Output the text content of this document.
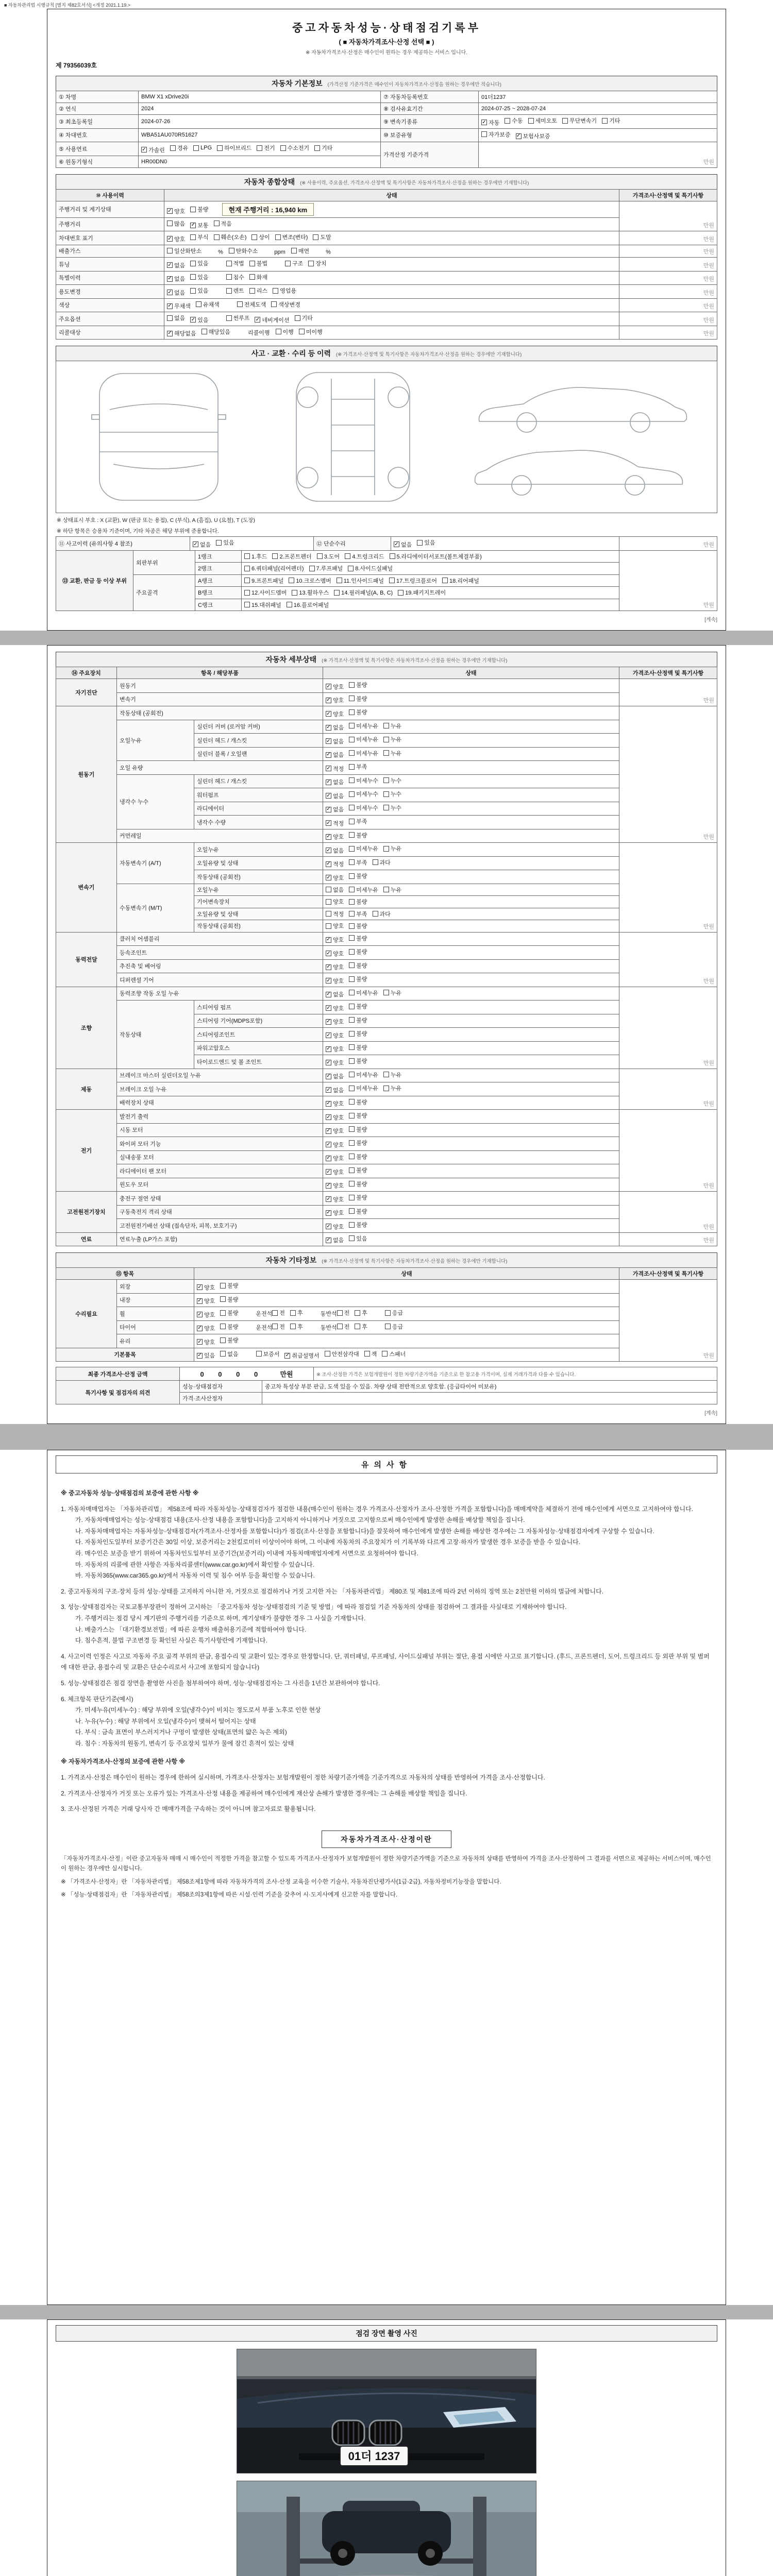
■ 자동차관리법 시행규칙 [별지 제82호서식] <개정 2021.1.19.>
중고자동차성능·상태점검기록부
( ■ 자동차가격조사·산정 선택 ■ )
※ 자동차가격조사·산정은 매수인이 원하는 경우 제공하는 서비스 입니다.
제 79356039호
자동차 기본정보 (가격산정 기준가격은 매수인이 자동차가격조사·산정을 원하는 경우에만 적습니다)
① 차명	BMW X1 xDrive20i	⑦ 자동차등록번호	01더1237
② 연식	2024	⑧ 검사유효기간	2024-07-25 ~ 2028-07-24
③ 최초등록일	2024-07-26	⑨ 변속기종류	✓ 자동 수동 세미오토 무단변속기 기타

④ 차대번호	WBA51AU070R51627	⑩ 보증유형	자가보증 ✓ 보험사보증

⑤ 사용연료	✓ 가솔린 경유 LPG 하이브리드 전기 수소전기 기타
	가격산정 기준가격	만원
⑥ 원동기형식	HR00DN0		
자동차 종합상태 (※ 사용이력, 주요옵션, 가격조사·산정액 및 특기사항은 자동차가격조사·산정을 원하는 경우에만 기재합니다)
⑩ 사용이력	상태	가격조사·산정액 및 특기사항
주행거리 및 계기상태	✓ 양호 불량 현재 주행거리 : 16,940 km	만원
주행거리	많음 ✓ 보통 적음	

차대번호 표기	✓ 양호 부식 훼손(오손) 상이 변조(변타) 도말	만원
배출가스	일산화탄소 　　%　 탄화수소 　　ppm　 매연 　　%	만원
튜닝	✓ 없음 있음	적법 불법	구조 장치	만원
특별이력	✓ 없음 있음 침수 화재	만원
용도변경	✓ 없음 있음	렌트 리스 영업용	만원
색상	✓ 무채색 유채색 전체도색 색상변경	만원
주요옵션	없음 ✓ 있음	썬루프 ✓ 네비게이션 기타	만원
리콜대상	✓ 해당없음 해당있음	리콜이행　 이행 미이행	만원
사고 · 교환 · 수리 등 이력 (※ 가격조사·산정액 및 특기사항은 자동차가격조사·산정을 원하는 경우에만 기재합니다)
※ 상태표시 부호 : X (교환), W (판금 또는 용접), C (부식), A (흠집), U (요철), T (도장)
※ 하단 항목은 승용차 기준이며, 기타 차종은 해당 부위에 준용합니다.
⑪ 사고이력 (유의사항 4 참조)	✓ 없음 있음	⑫ 단순수리	✓ 없음 있음	만원
⑬ 교환, 판금 등 이상 부위	외판부위	1랭크	1.후드 2.프론트펜더 3.도어 4.트렁크리드 5.라디에이터서포트(볼트체결부품)	만원
		2랭크	6.쿼터패널(리어펜더) 7.루프패널 8.사이드실패널	

	주요골격	A랭크	9.프론트패널 10.크로스멤버 11.인사이드패널 17.트렁크플로어 18.리어패널	

		B랭크	12.사이드멤버 13.휠하우스 14.필러패널(A, B, C) 19.패키지트레이	

		C랭크	15.대쉬패널 16.플로어패널	
[계속]
자동차 세부상태 (※ 가격조사·산정액 및 특기사항은 자동차가격조사·산정을 원하는 경우에만 기재합니다)
⑭ 주요장치	항목 / 해당부품		상태	가격조사·산정액 및 특기사항
자기진단	원동기		✓ 양호 불량	만원
	변속기		✓ 양호 불량	

원동기	작동상태 (공회전)		✓ 양호 불량	만원
	오일누유	실린더 커버 (로커암 커버)	✓ 없음 미세누유 누유	

		실린더 헤드 / 개스킷	✓ 없음 미세누유 누유	

		실린더 블록 / 오일팬	✓ 없음 미세누유 누유	

	오일 유량		✓ 적정 부족	

	냉각수 누수	실린더 헤드 / 개스킷	✓ 없음 미세누수 누수	

		워터펌프	✓ 없음 미세누수 누수	

		라디에이터	✓ 없음 미세누수 누수	

		냉각수 수량	✓ 적정 부족	

	커먼레일		✓ 양호 불량	

변속기	자동변속기 (A/T)	오일누유	✓ 없음 미세누유 누유	만원
		오일유량 및 상태	✓ 적정 부족 과다	

		작동상태 (공회전)	✓ 양호 불량	

	수동변속기 (M/T)	오일누유	없음 미세누유 누유	

		기어변속장치	양호 불량	

		오일유량 및 상태	적정 부족 과다	

		작동상태 (공회전)	양호 불량	

동력전달	클러치 어셈블리		✓ 양호 불량	만원
	등속조인트		✓ 양호 불량	

	추진축 및 베어링		✓ 양호 불량	

	디퍼렌셜 기어		✓ 양호 불량	

조향	동력조향 작동 오일 누유		✓ 없음 미세누유 누유	만원
	작동상태	스티어링 펌프	✓ 양호 불량	

		스티어링 기어(MDPS포함)	✓ 양호 불량	

		스티어링조인트	✓ 양호 불량	

		파워고압호스	✓ 양호 불량	

		타이로드엔드 및 볼 조인트	✓ 양호 불량	

제동	브레이크 마스터 실린더오일 누유		✓ 없음 미세누유 누유	만원
	브레이크 오일 누유		✓ 없음 미세누유 누유	

	배력장치 상태		✓ 양호 불량	

전기	발전기 출력		✓ 양호 불량	만원
	시동 모터		✓ 양호 불량	

	와이퍼 모터 기능		✓ 양호 불량	

	실내송풍 모터		✓ 양호 불량	

	라디에이터 팬 모터		✓ 양호 불량	

	윈도우 모터		✓ 양호 불량	

고전원전기장치	충전구 절연 상태		✓ 양호 불량	만원
	구동축전지 격리 상태		✓ 양호 불량	

	고전원전기배선 상태 (접속단자, 피복, 보호기구)		✓ 양호 불량	

연료	연료누출 (LP가스 포함)		✓ 없음 있음	만원
자동차 기타정보 (※ 가격조사·산정액 및 특기사항은 자동차가격조사·산정을 원하는 경우에만 기재합니다)
⑮ 항목		상태	가격조사·산정액 및 특기사항
수리필요	외장	✓ 양호 불량	만원
	내장	✓ 양호 불량	

휠	✓ 양호 불량	운전석 전 후	동반석 전 후	응급

타이어	✓ 양호 불량	운전석 전 후	동반석 전 후	응급

	유리	✓ 양호 불량	

기본품목	✓ 있음 없음	보증서 ✓ 취급설명서 안전삼각대 잭 스패너
최종 가격조사·산정 금액	0 0 0 0 만원	※ 조사·산정한 가격은 보험개발원이 정한 차량기준가액을 기준으로 한 참고용 가격이며, 실제 거래가격과 다를 수 있습니다.
특기사항 및 점검자의 의견	성능·상태점검자	중고차 특성상 부분 판금, 도색 있을 수 있음. 차량 상태 전반적으로 양호함. (응급타이어 미보유)
	가격·조사산정자	
[계속]
유의사항
※ 중고자동차 성능·상태점검의 보증에 관한 사항 ※
1. 자동차매매업자는 「자동차관리법」 제58조에 따라 자동차성능·상태점검자가 점검한 내용(매수인이 원하는 경우 가격조사·산정자가 조사·산정한 가격을 포함합니다)을 매매계약을 체결하기 전에 매수인에게 서면으로 고지하여야 합니다.
가. 자동차매매업자는 성능·상태점검 내용(조사·산정 내용을 포함합니다)을 고지하지 아니하거나 거짓으로 고지함으로써 매수인에게 발생한 손해를 배상할 책임을 집니다.
나. 자동차매매업자는 자동차성능·상태점검자(가격조사·산정자를 포함합니다)가 점검(조사·산정을 포함합니다)을 잘못하여 매수인에게 발생한 손해를 배상한 경우에는 그 자동차성능·상태점검자에게 구상할 수 있습니다.
다. 자동차인도일부터 보증기간은 30일 이상, 보증거리는 2천킬로미터 이상이어야 하며, 그 이내에 자동차의 주요장치가 이 기록부와 다르게 고장·하자가 발생한 경우 보증을 받을 수 있습니다.
라. 매수인은 보증을 받기 위하여 자동차인도일부터 보증기간(보증거리) 이내에 자동차매매업자에게 서면으로 요청하여야 합니다.
마. 자동차의 리콜에 관한 사항은 자동차리콜센터(www.car.go.kr)에서 확인할 수 있습니다.
바. 자동차365(www.car365.go.kr)에서 자동차 이력 및 침수 여부 등을 확인할 수 있습니다.
2. 중고자동차의 구조·장치 등의 성능·상태를 고지하지 아니한 자, 거짓으로 점검하거나 거짓 고지한 자는 「자동차관리법」 제80조 및 제81조에 따라 2년 이하의 징역 또는 2천만원 이하의 벌금에 처합니다.
3. 성능·상태점검자는 국토교통부장관이 정하여 고시하는 「중고자동차 성능·상태점검의 기준 및 방법」에 따라 점검일 기준 자동차의 상태를 점검하여 그 결과를 사실대로 기재하여야 합니다.
가. 주행거리는 점검 당시 계기판의 주행거리를 기준으로 하며, 계기상태가 불량한 경우 그 사실을 기재합니다.
나. 배출가스는 「대기환경보전법」에 따른 운행차 배출허용기준에 적합하여야 합니다.
다. 침수흔적, 불법 구조변경 등 확인된 사실은 특기사항란에 기재합니다.
4. 사고이력 인정은 사고로 자동차 주요 골격 부위의 판금, 용접수리 및 교환이 있는 경우로 한정합니다. 단, 쿼터패널, 루프패널, 사이드실패널 부위는 절단, 용접 시에만 사고로 표기합니다. (후드, 프론트펜더, 도어, 트렁크리드 등 외판 부위 및 범퍼에 대한 판금, 용접수리 및 교환은 단순수리로서 사고에 포함되지 않습니다)
5. 성능·상태점검은 점검 장면을 촬영한 사진을 첨부하여야 하며, 성능·상태점검자는 그 사진을 1년간 보관하여야 합니다.
6. 체크항목 판단기준(예시)
가. 미세누유(미세누수) : 해당 부위에 오일(냉각수)이 비치는 정도로서 부품 노후로 인한 현상
나. 누유(누수) : 해당 부위에서 오일(냉각수)이 맺혀서 떨어지는 상태
다. 부식 : 금속 표면이 부스러지거나 구멍이 발생한 상태(표면의 얇은 녹은 제외)
라. 침수 : 자동차의 원동기, 변속기 등 주요장치 일부가 물에 잠긴 흔적이 있는 상태
※ 자동차가격조사·산정의 보증에 관한 사항 ※
1. 가격조사·산정은 매수인이 원하는 경우에 한하여 실시하며, 가격조사·산정자는 보험개발원이 정한 차량기준가액을 기준가격으로 자동차의 상태를 반영하여 가격을 조사·산정합니다.
2. 가격조사·산정자가 거짓 또는 오류가 있는 가격조사·산정 내용을 제공하여 매수인에게 재산상 손해가 발생한 경우에는 그 손해를 배상할 책임을 집니다.
3. 조사·산정된 가격은 거래 당사자 간 매매가격을 구속하는 것이 아니며 참고자료로 활용됩니다.
자동차가격조사·산정이란

「자동차가격조사·산정」이란 중고자동차 매매 시 매수인이 적정한 가격을 참고할 수 있도록 가격조사·산정자가 보험개발원이 정한 차량기준가액을 기준으로 자동차의 상태를 반영하여 가격을 조사·산정하여 그 결과를 서면으로 제공하는 서비스이며, 매수인이 원하는 경우에만 실시합니다.

※ 「가격조사·산정자」란 「자동차관리법」 제58조제1항에 따라 자동차가격의 조사·산정 교육을 이수한 기술사, 자동차진단평가사(1급·2급), 자동차정비기능장을 말합니다.

※ 「성능·상태점검자」란 「자동차관리법」 제58조의3제1항에 따른 시설·인력 기준을 갖추어 시·도지사에게 신고한 자를 말합니다.

점검 장면 촬영 사진
01더 1237
